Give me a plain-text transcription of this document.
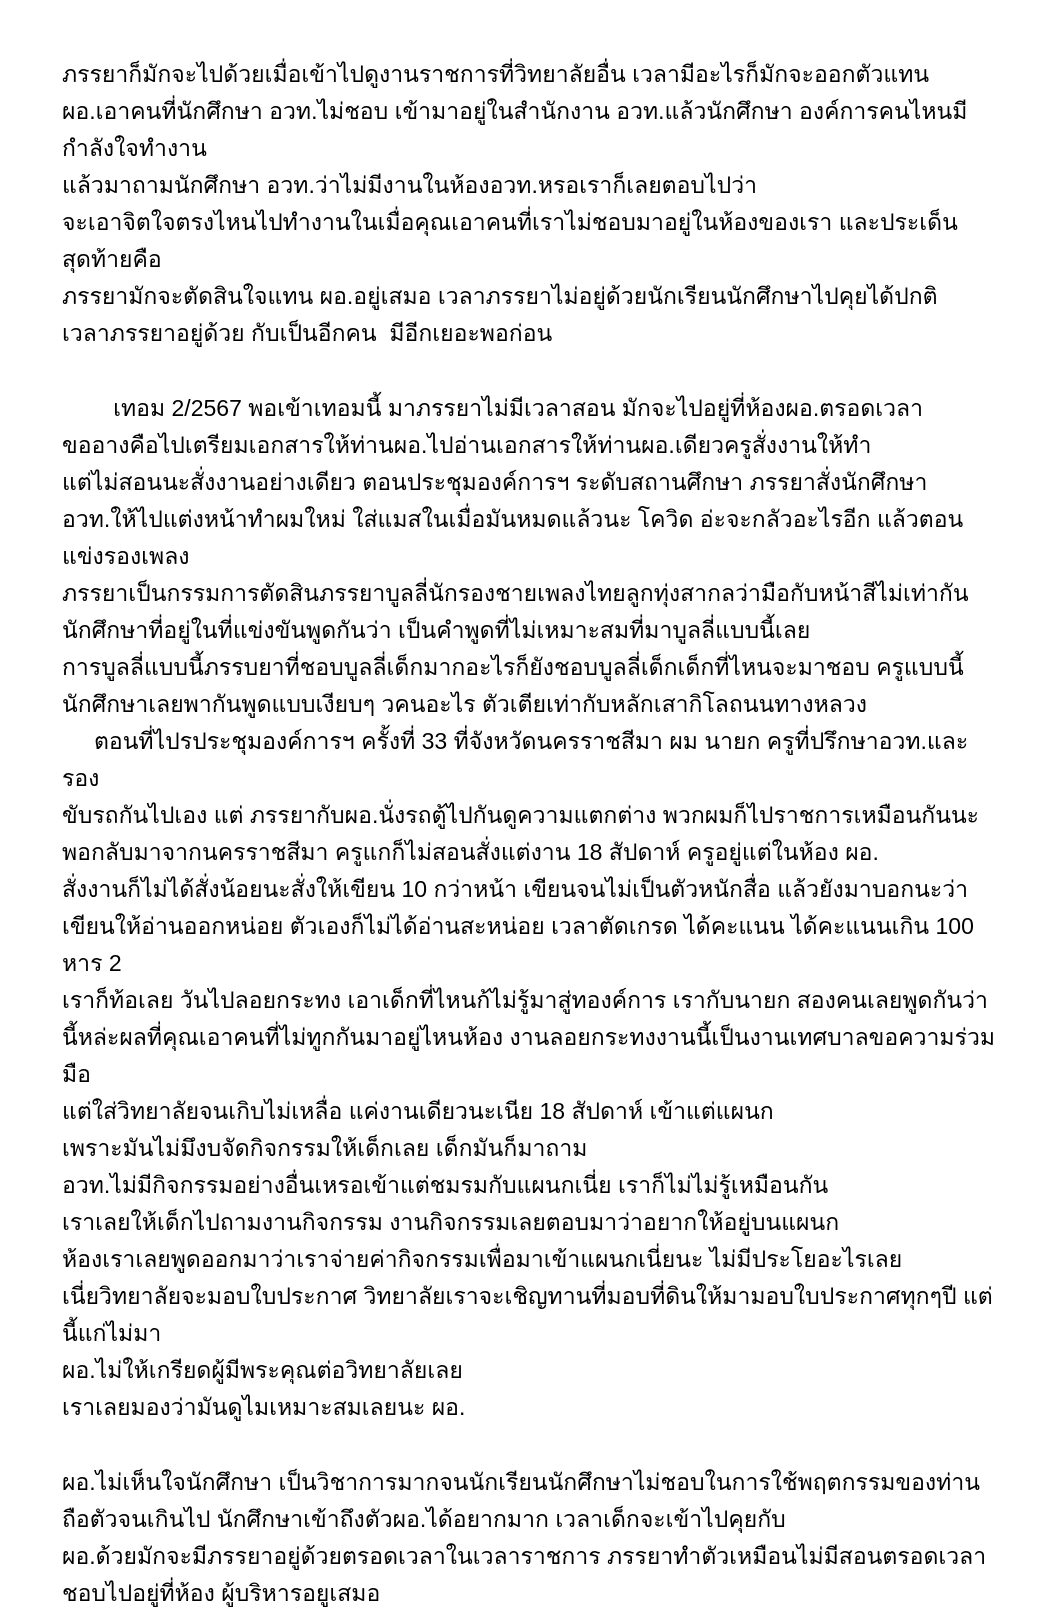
ภรรยาก็มักจะไปด้วยเมื่อเข้าไปดูงานราชการที่วิทยาลัยอื่น เวลามีอะไรก็มักจะออกตัวแทน
ผอ.เอาคนที่นักศึกษา อวท.ไม่ชอบ เข้ามาอยู่ในสำนักงาน อวท.แล้วนักศึกษา องค์การคนไหนมีกำลังใจทำงาน
แล้วมาถามนักศึกษา อวท.ว่าไม่มีงานในห้องอวท.หรอเราก็เลยตอบไปว่า
จะเอาจิตใจตรงไหนไปทำงานในเมื่อคุณเอาคนที่เราไม่ชอบมาอยู่ในห้องของเรา และประเด็นสุดท้ายคือ
ภรรยามักจะตัดสินใจแทน ผอ.อยู่เสมอ เวลาภรรยาไม่อยู่ด้วยนักเรียนนักศึกษาไปคุยได้ปกติ
เวลาภรรยาอยู่ด้วย กับเป็นอีกคน  มีอีกเยอะพอก่อน
เทอม 2/2567 พอเข้าเทอมนี้ มาภรรยาไม่มีเวลาสอน มักจะไปอยู่ที่ห้องผอ.ตรอดเวลา
ขออางคือไปเตรียมเอกสารให้ท่านผอ.ไปอ่านเอกสารให้ท่านผอ.เดียวครูสั่งงานให้ทำ
แต่ไม่สอนนะสั่งงานอย่างเดียว ตอนประชุมองค์การฯ ระดับสถานศึกษา ภรรยาสั่งนักศึกษา
อวท.ให้ไปแต่งหน้าทำผมใหม่ ใส่แมสในเมื่อมันหมดแล้วนะ โควิด อ่ะจะกลัวอะไรอีก แล้วตอนแข่งรองเพลง
ภรรยาเป็นกรรมการตัดสินภรรยาบูลลี่นักรองชายเพลงไทยลูกทุ่งสากลว่ามือกับหน้าสีไม่เท่ากัน
นักศึกษาที่อยู่ในที่แข่งขันพูดกันว่า เป็นคำพูดที่ไม่เหมาะสมที่มาบูลลี่แบบนี้เลย
การบูลลี่แบบนี้ภรรบยาที่ชอบบูลลี่เด็กมากอะไรก็ยังชอบบูลลี่เด็กเด็กที่ไหนจะมาชอบ ครูแบบนี้
นักศึกษาเลยพากันพูดแบบเงียบๆ วคนอะไร ตัวเตียเท่ากับหลักเสากิโลถนนทางหลวง
ตอนที่ไปรประชุมองค์การฯ ครั้งที่ 33 ที่จังหวัดนครราชสีมา ผม นายก ครูที่ปรึกษาอวท.และรอง
ขับรถกันไปเอง แต่ ภรรยากับผอ.นั่งรถตู้ไปกันดูความแตกต่าง พวกผมก็ไปราชการเหมือนกันนะ
พอกลับมาจากนครราชสีมา ครูแกก็ไม่สอนสั่งแต่งาน 18 สัปดาห์ ครูอยู่แต่ในห้อง ผอ.
สั่งงานก็ไม่ได้สั่งน้อยนะสั่งให้เขียน 10 กว่าหน้า เขียนจนไม่เป็นตัวหนักสื่อ แล้วยังมาบอกนะว่า
เขียนให้อ่านออกหน่อย ตัวเองก็ไม่ได้อ่านสะหน่อย เวลาตัดเกรด ได้คะแนน ได้คะแนนเกิน 100 หาร 2
เราก็ท้อเลย วันไปลอยกระทง เอาเด็กที่ไหนก้ไม่รู้มาสู่ทองค์การ เรากับนายก สองคนเลยพูดกันว่า
นี้หล่ะผลที่คุณเอาคนที่ไม่ทูกกันมาอยู่ไหนห้อง งานลอยกระทงงานนี้เป็นงานเทศบาลขอความร่วมมือ
แต่ใส่วิทยาลัยจนเกิบไม่เหลื่อ แค่งานเดียวนะเนีย 18 สัปดาห์ เข้าแต่แผนก
เพราะมันไม่มึงบจัดกิจกรรมให้เด็กเลย เด็กมันก็มาถาม
อวท.ไม่มีกิจกรรมอย่างอื่นเหรอเข้าแต่ชมรมกับแผนกเนี่ย เราก็ไม่ไม่รู้เหมือนกัน
เราเลยให้เด็กไปถามงานกิจกรรม งานกิจกรรมเลยตอบมาว่าอยากให้อยู่บนแผนก
ห้องเราเลยพูดออกมาว่าเราจ่ายค่ากิจกรรมเพื่อมาเข้าแผนกเนี่ยนะ ไม่มีประโยอะไรเลย
เนี่ยวิทยาลัยจะมอบใบประกาศ วิทยาลัยเราจะเชิญทานที่มอบที่ดินให้มามอบใบประกาศทุกๆปี แต่นี้แก่ไม่มา
ผอ.ไม่ให้เกรียดผู้มีพระคุณต่อวิทยาลัยเลย
เราเลยมองว่ามันดูไมเหมาะสมเลยนะ ผอ.
ผอ.ไม่เห็นใจนักศึกษา เป็นวิชาการมากจนนักเรียนนักศึกษาไม่ชอบในการใช้พฤตกรรมของท่าน
ถือตัวจนเกินไป นักศึกษาเข้าถึงตัวผอ.ได้อยากมาก เวลาเด็กจะเข้าไปคุยกับ
ผอ.ด้วยมักจะมีภรรยาอยู่ด้วยตรอดเวลาในเวลาราชการ ภรรยาทำตัวเหมือนไม่มีสอนตรอดเวลา
ชอบไปอยู่ที่ห้อง ผู้บริหารอยูเสมอ
